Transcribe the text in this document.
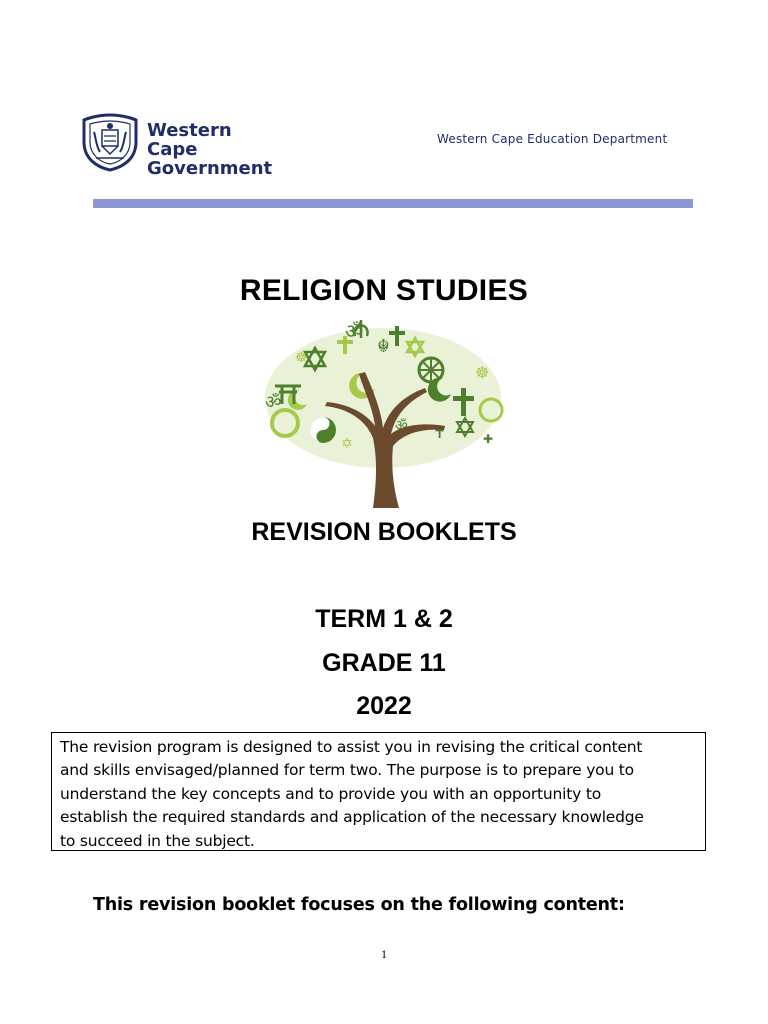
Western Cape
Government
Western Cape Education Department
RELIGION STUDIES
ॐ
ॐ
ॐ
☸
☸
☬
✡
✝	✚
REVISION BOOKLETS
TERM 1 & 2
GRADE 11
2022
The revision program is designed to assist you in revising the critical content
and skills envisaged/planned for term two. The purpose is to prepare you to
understand the key concepts and to provide you with an opportunity to
establish the required standards and application of the necessary knowledge
to succeed in the subject.
This revision booklet focuses on the following content:
1
